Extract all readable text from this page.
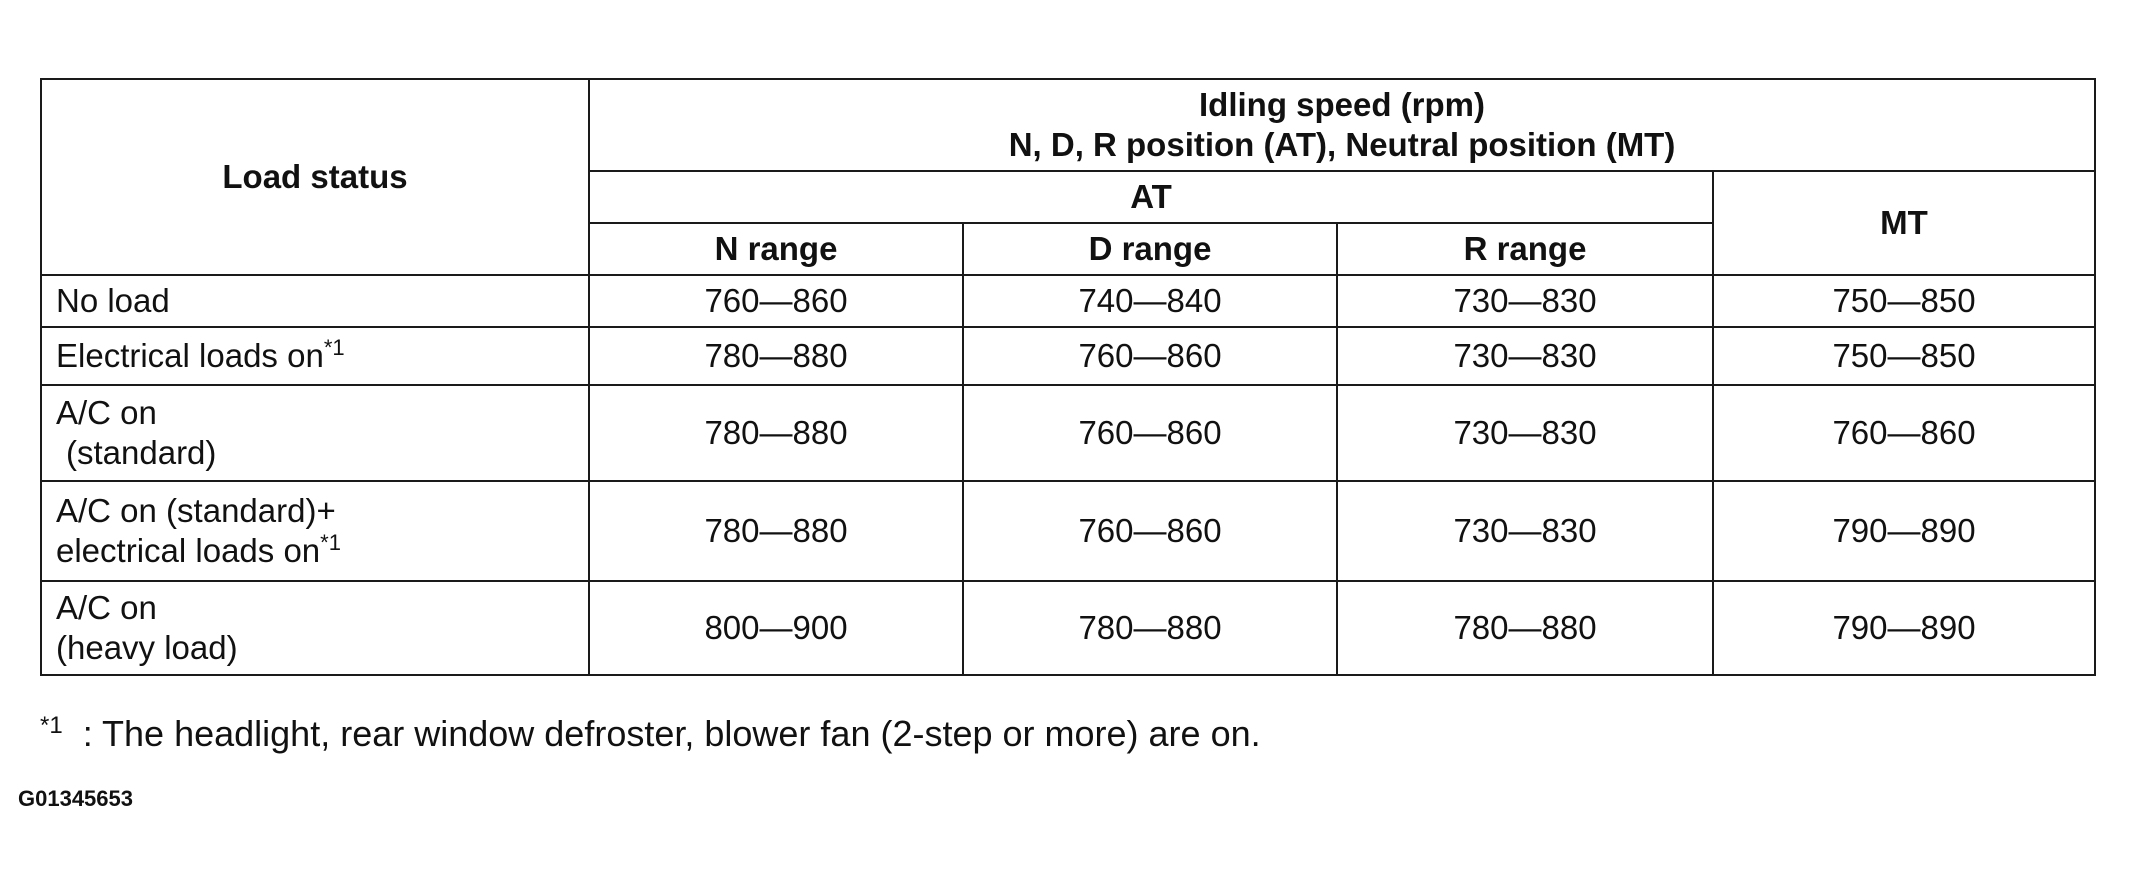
Load status	Idling speed (rpm)
N, D, R position (AT), Neutral position (MT)			

	AT			MT
	N range	D range	R range	
No load	760—860	740—840	730—830	750—850
Electrical loads $on^{*1}$	780—880	760—860	730—830	750—850

A/C on
(standard)	780—880	760—860	730—830	760—860

A/C on (standard)+
electrical loads $on^{*1}$	780—880	760—860	730—830	790—890

A/C on
(heavy load)	800—900	780—880	780—880	790—890
$^{*1}$ : The headlight, rear window defroster, blower fan (2-step or more) are on.
G01345653
